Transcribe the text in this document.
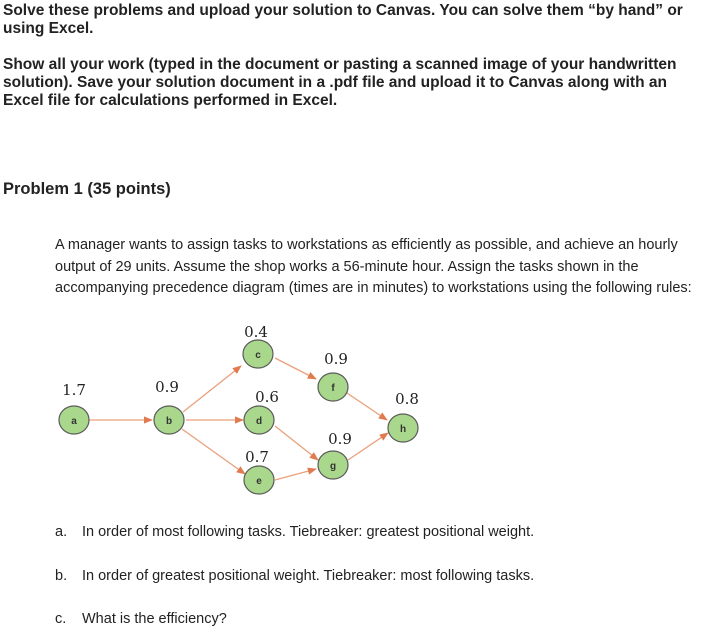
Solve these problems and upload your solution to Canvas. You can solve them “by hand” or using Excel.

Show all your work (typed in the document or pasting a scanned image of your handwritten solution). Save your solution document in a .pdf file and upload it to Canvas along with an Excel file for calculations performed in Excel.

Problem 1 (35 points)

A manager wants to assign tasks to workstations as efficiently as possible, and achieve an hourly output of 29 units. Assume the shop works a 56-minute hour. Assign the tasks shown in the accompanying precedence diagram (times are in minutes) to workstations using the following rules:

a
1.7
b
0.9
c
0.4
d
0.6
e
0.7
f
0.9
g
0.9
h
0.8

a. In order of most following tasks. Tiebreaker: greatest positional weight.

b. In order of greatest positional weight. Tiebreaker: most following tasks.

c. What is the efficiency?
